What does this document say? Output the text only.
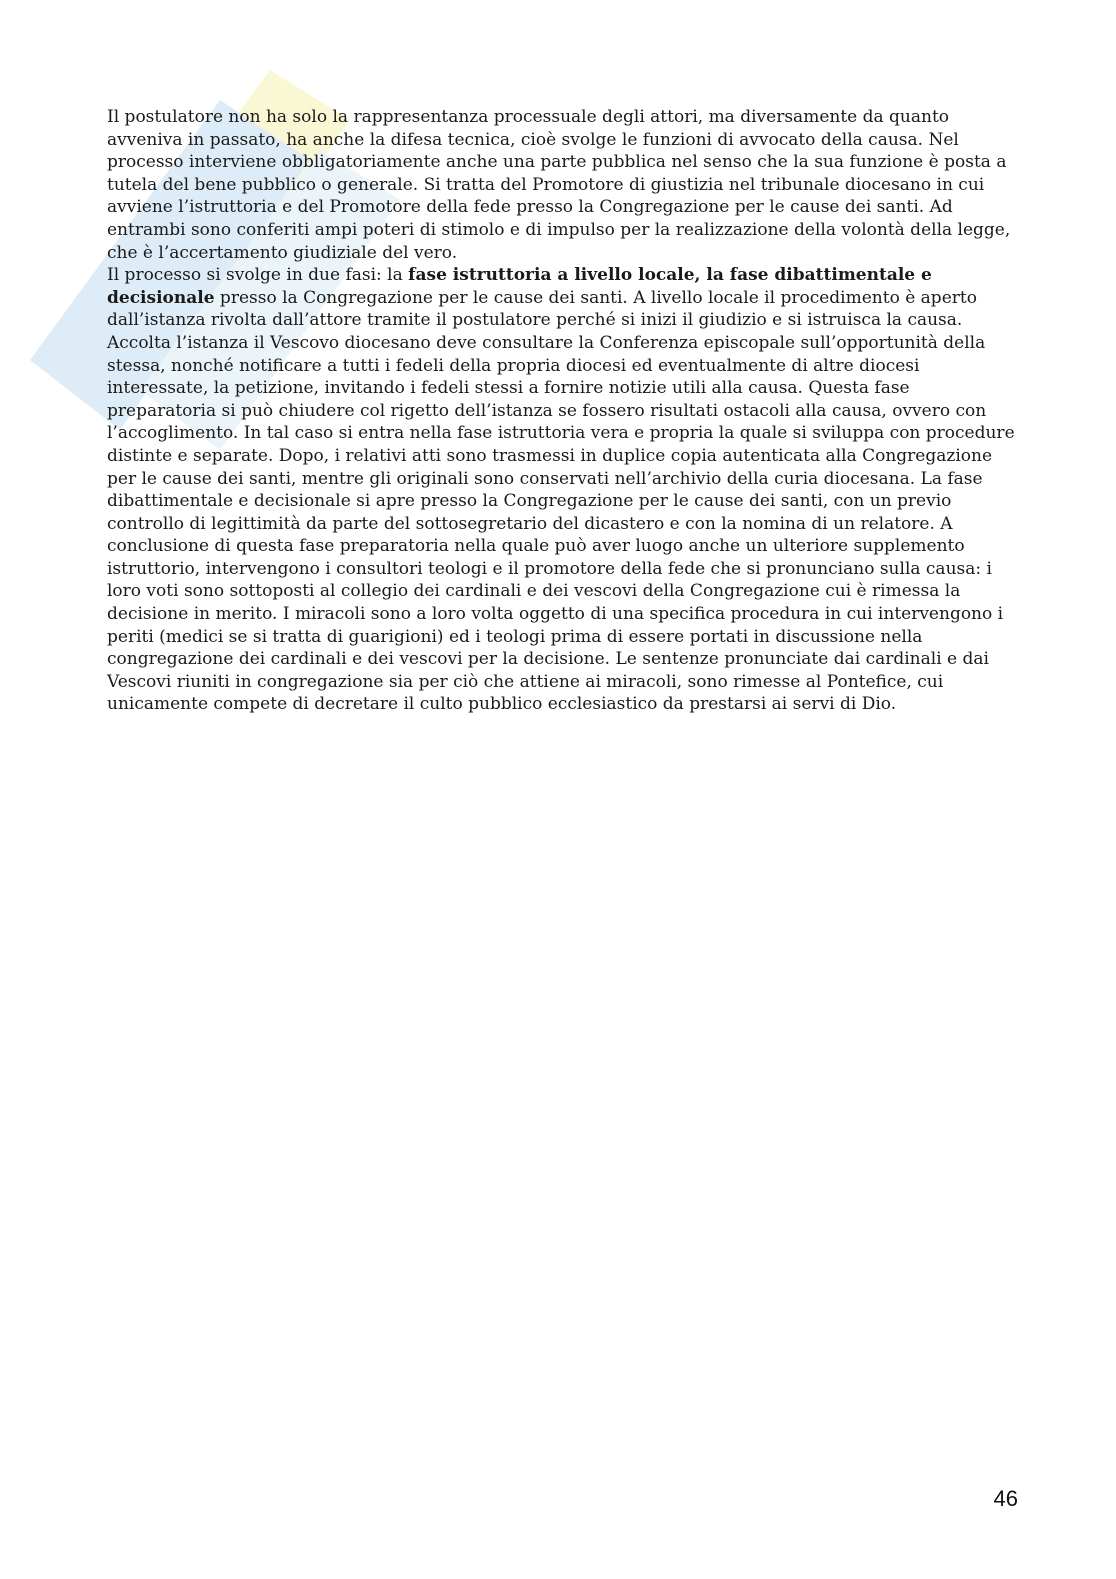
Il postulatore non ha solo la rappresentanza processuale degli attori, ma diversamente da quanto avveniva in passato, ha anche la difesa tecnica, cioè svolge le funzioni di avvocato della causa. Nel processo interviene obbligatoriamente anche una parte pubblica nel senso che la sua funzione è posta a tutela del bene pubblico o generale. Si tratta del Promotore di giustizia nel tribunale diocesano in cui avviene l’istruttoria e del Promotore della fede presso la Congregazione per le cause dei santi. Ad entrambi sono conferiti ampi poteri di stimolo e di impulso per la realizzazione della volontà della legge, che è l’accertamento giudiziale del vero.

Il processo si svolge in due fasi: la fase istruttoria a livello locale, la fase dibattimentale e decisionale presso la Congregazione per le cause dei santi. A livello locale il procedimento è aperto dall’istanza rivolta dall’attore tramite il postulatore perché si inizi il giudizio e si istruisca la causa. Accolta l’istanza il Vescovo diocesano deve consultare la Conferenza episcopale sull’opportunità della stessa, nonché notificare a tutti i fedeli della propria diocesi ed eventualmente di altre diocesi interessate, la petizione, invitando i fedeli stessi a fornire notizie utili alla causa. Questa fase preparatoria si può chiudere col rigetto dell’istanza se fossero risultati ostacoli alla causa, ovvero con l’accoglimento. In tal caso si entra nella fase istruttoria vera e propria la quale si sviluppa con procedure distinte e separate. Dopo, i relativi atti sono trasmessi in duplice copia autenticata alla Congregazione per le cause dei santi, mentre gli originali sono conservati nell’archivio della curia diocesana. La fase dibattimentale e decisionale si apre presso la Congregazione per le cause dei santi, con un previo controllo di legittimità da parte del sottosegretario del dicastero e con la nomina di un relatore. A conclusione di questa fase preparatoria nella quale può aver luogo anche un ulteriore supplemento istruttorio, intervengono i consultori teologi e il promotore della fede che si pronunciano sulla causa: i loro voti sono sottoposti al collegio dei cardinali e dei vescovi della Congregazione cui è rimessa la decisione in merito. I miracoli sono a loro volta oggetto di una specifica procedura in cui intervengono i periti (medici se si tratta di guarigioni) ed i teologi prima di essere portati in discussione nella congregazione dei cardinali e dei vescovi per la decisione. Le sentenze pronunciate dai cardinali e dai Vescovi riuniti in congregazione sia per ciò che attiene ai miracoli, sono rimesse al Pontefice, cui unicamente compete di decretare il culto pubblico ecclesiastico da prestarsi ai servi di Dio.

46
